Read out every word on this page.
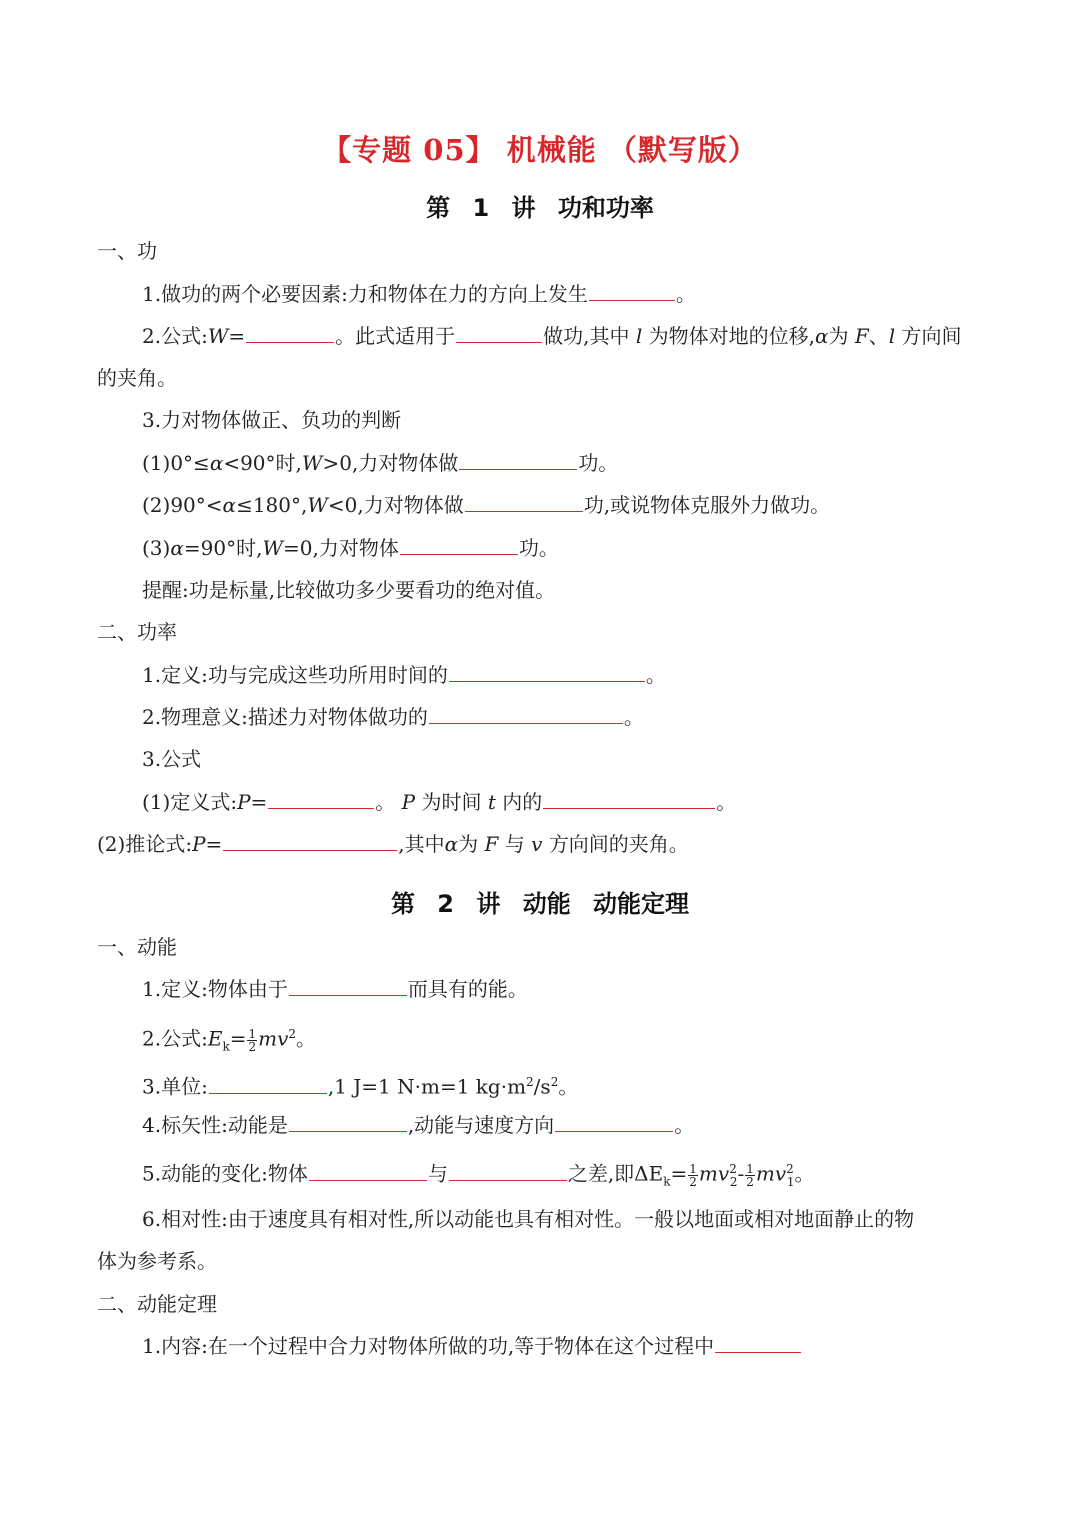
【专题 05】 机械能 （默写版）
第 1 讲 功和功率
一、功
1.做功的两个必要因素:力和物体在力的方向上发生	。
2.公式:W=	。此式适用于	做功,其中 l 为物体对地的位移,α为 F、l 方向间
的夹角。
3.力对物体做正、负功的判断
(1)0°≤α<90°时,W>0,力对物体做	功。
(2)90°<α≤180°,W<0,力对物体做	功,或说物体克服外力做功。
(3)α=90°时,W=0,力对物体	功。
提醒:功是标量,比较做功多少要看功的绝对值。
二、功率
1.定义:功与完成这些功所用时间的	。
2.物理意义:描述力对物体做功的	。
3.公式
(1)定义式:P=	。 P 为时间 t 内的	。
(2)推论式:P=	,其中α为 F 与 v 方向间的夹角。
第 2 讲 动能 动能定理
一、动能
1.定义:物体由于	而具有的能。
2.公式$:E_k= \frac{1}{2} mv^2$。
3.单位:	,1 J=1 N·m=1 $kg\cdot m^2/s^2$。
4.标矢性:动能是	,动能与速度方向	。
5.动能的变化:物体	与	之差,即$\Delta E_k= \frac{1}{2} mv^2_2- \frac{1}{2} mv^2_1$。
6.相对性:由于速度具有相对性,所以动能也具有相对性。一般以地面或相对地面静止的物
体为参考系。
二、动能定理
1.内容:在一个过程中合力对物体所做的功,等于物体在这个过程中
